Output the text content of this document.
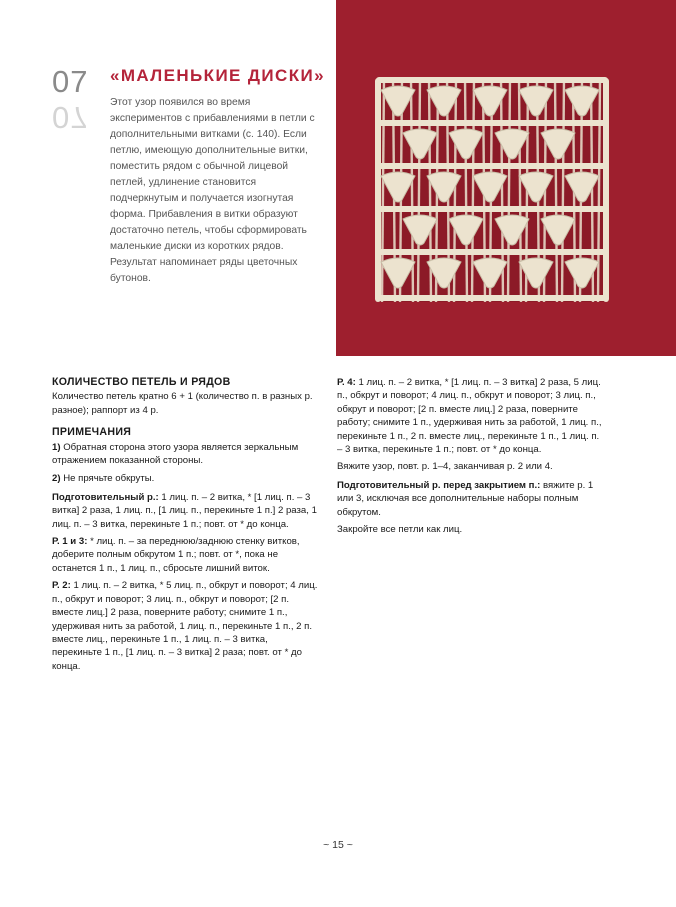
07
07
«МАЛЕНЬКИЕ ДИСКИ»
Этот узор появился во время экспериментов с прибавлениями в петли с дополнительными витками (с. 140). Если петлю, имеющую дополнительные витки, поместить рядом с обычной лицевой петлей, удлинение становится подчеркнутым и получается изогнутая форма. Прибавления в витки образуют достаточно петель, чтобы сформировать маленькие диски из коротких рядов. Результат напоминает ряды цветочных бутонов.
КОЛИЧЕСТВО ПЕТЕЛЬ И РЯДОВ

Количество петель кратно 6 + 1 (количество п. в разных р. разное); раппорт из 4 р.

ПРИМЕЧАНИЯ

1) Обратная сторона этого узора является зеркальным отражением показанной стороны.

2) Не прячьте обкруты.

Подготовительный р.: 1 лиц. п. – 2 витка, * [1 лиц. п. – 3 витка] 2 раза, 1 лиц. п., [1 лиц. п., перекиньте 1 п.] 2 раза, 1 лиц. п. – 3 витка, перекиньте 1 п.; повт. от * до конца.

Р. 1 и 3: * лиц. п. – за переднюю/заднюю стенку витков, доберите полным обкрутом 1 п.; повт. от *, пока не останется 1 п., 1 лиц. п., сбросьте лишний виток.

Р. 2: 1 лиц. п. – 2 витка, * 5 лиц. п., обкрут и поворот; 4 лиц. п., обкрут и поворот; 3 лиц. п., обкрут и поворот; [2 п. вместе лиц.] 2 раза, поверните работу; снимите 1 п., удерживая нить за работой, 1 лиц. п., перекиньте 1 п., 2 п. вместе лиц., перекиньте 1 п., 1 лиц. п. – 3 витка, перекиньте 1 п., [1 лиц. п. – 3 витка] 2 раза; повт. от * до конца.

Р. 4: 1 лиц. п. – 2 витка, * [1 лиц. п. – 3 витка] 2 раза, 5 лиц. п., обкрут и поворот; 4 лиц. п., обкрут и поворот; 3 лиц. п., обкрут и поворот; [2 п. вместе лиц.] 2 раза, поверните работу; снимите 1 п., удерживая нить за работой, 1 лиц. п., перекиньте 1 п., 2 п. вместе лиц., перекиньте 1 п., 1 лиц. п. – 3 витка, перекиньте 1 п.; повт. от * до конца.

Вяжите узор, повт. р. 1–4, заканчивая р. 2 или 4.

Подготовительный р. перед закрытием п.: вяжите р. 1 или 3, исключая все дополнительные наборы полным обкрутом.

Закройте все петли как лиц.

~ 15 ~
